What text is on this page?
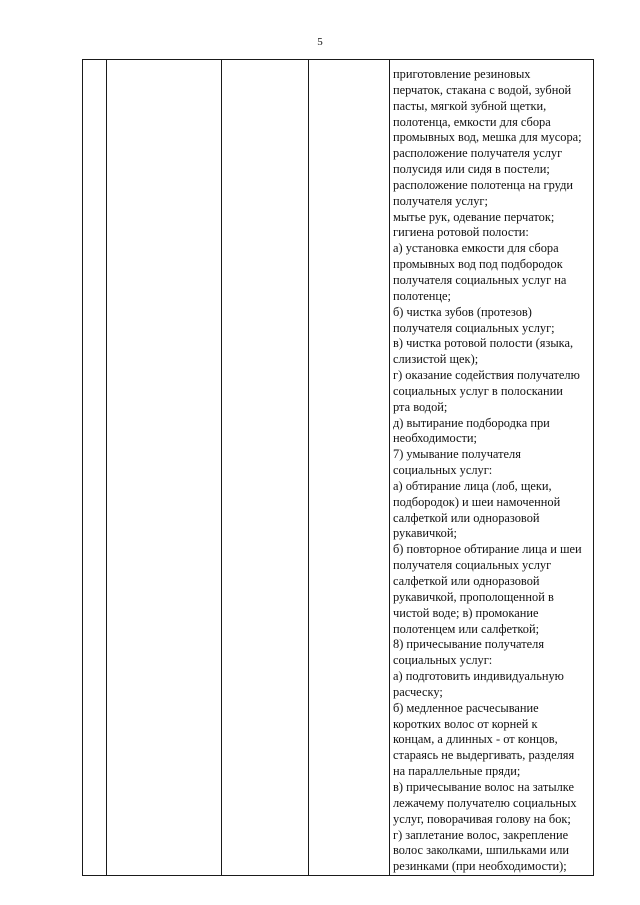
5

приготовление резиновых
перчаток, стакана с водой, зубной
пасты, мягкой зубной щетки,
полотенца, емкости для сбора
промывных вод, мешка для мусора;
расположение получателя услуг
полусидя или сидя в постели;
расположение полотенца на груди
получателя услуг;
мытье рук, одевание перчаток;
гигиена ротовой полости:
а) установка емкости для сбора
промывных вод под подбородок
получателя социальных услуг на
полотенце;
б) чистка зубов (протезов)
получателя социальных услуг;
в) чистка ротовой полости (языка,
слизистой щек);
г) оказание содействия получателю
социальных услуг в полоскании
рта водой;
д) вытирание подбородка при
необходимости;
7) умывание получателя
социальных услуг:
а) обтирание лица (лоб, щеки,
подбородок) и шеи намоченной
салфеткой или одноразовой
рукавичкой;
б) повторное обтирание лица и шеи
получателя социальных услуг
салфеткой или одноразовой
рукавичкой, прополощенной в
чистой воде; в) промокание
полотенцем или салфеткой;
8) причесывание получателя
социальных услуг:
а) подготовить индивидуальную
расческу;
б) медленное расчесывание
коротких волос от корней к
концам, а длинных - от концов,
стараясь не выдергивать, разделяя
на параллельные пряди;
в) причесывание волос на затылке
лежачему получателю социальных
услуг, поворачивая голову на бок;
г) заплетание волос, закрепление
волос заколками, шпильками или
резинками (при необходимости);
